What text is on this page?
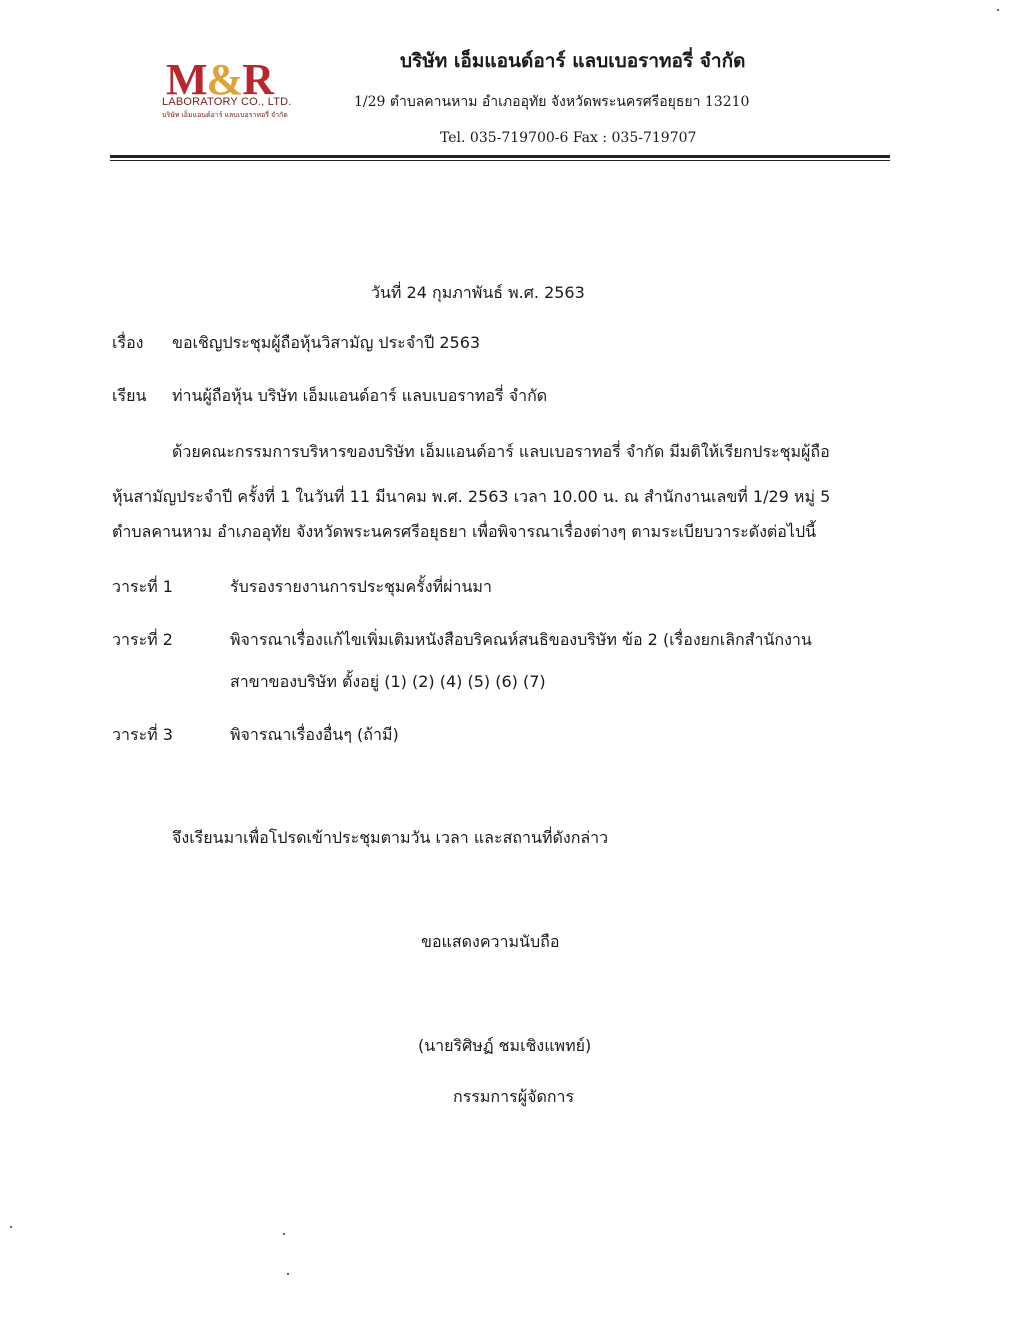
M&R
LABORATORY CO., LTD.
บริษัท เอ็มแอนด์อาร์ แลบเบอราทอรี่ จำกัด
บริษัท เอ็มแอนด์อาร์ แลบเบอราทอรี่ จำกัด
1/29 ตำบลคานหาม อำเภออุทัย จังหวัดพระนครศรีอยุธยา 13210
Tel. 035-719700-6 Fax : 035-719707
วันที่ 24 กุมภาพันธ์ พ.ศ. 2563
เรื่อง ขอเชิญประชุมผู้ถือหุ้นวิสามัญ ประจำปี 2563
เรียน ท่านผู้ถือหุ้น บริษัท เอ็มแอนด์อาร์ แลบเบอราทอรี่ จำกัด
ด้วยคณะกรรมการบริหารของบริษัท เอ็มแอนด์อาร์ แลบเบอราทอรี่ จำกัด มีมติให้เรียกประชุมผู้ถือ
หุ้นสามัญประจำปี ครั้งที่ 1 ในวันที่ 11 มีนาคม พ.ศ. 2563 เวลา 10.00 น. ณ สำนักงานเลขที่ 1/29 หมู่ 5
ตำบลคานหาม อำเภออุทัย จังหวัดพระนครศรีอยุธยา เพื่อพิจารณาเรื่องต่างๆ ตามระเบียบวาระดังต่อไปนี้
วาระที่ 1	รับรองรายงานการประชุมครั้งที่ผ่านมา
วาระที่ 2	พิจารณาเรื่องแก้ไขเพิ่มเติมหนังสือบริคณห์สนธิของบริษัท ข้อ 2 (เรื่องยกเลิกสำนักงาน
สาขาของบริษัท ตั้งอยู่ (1) (2) (4) (5) (6) (7)
วาระที่ 3	พิจารณาเรื่องอื่นๆ (ถ้ามี)
จึงเรียนมาเพื่อโปรดเข้าประชุมตามวัน เวลา และสถานที่ดังกล่าว
ขอแสดงความนับถือ
(นายริศิษฏ์ ชมเชิงแพทย์)
กรรมการผู้จัดการ
